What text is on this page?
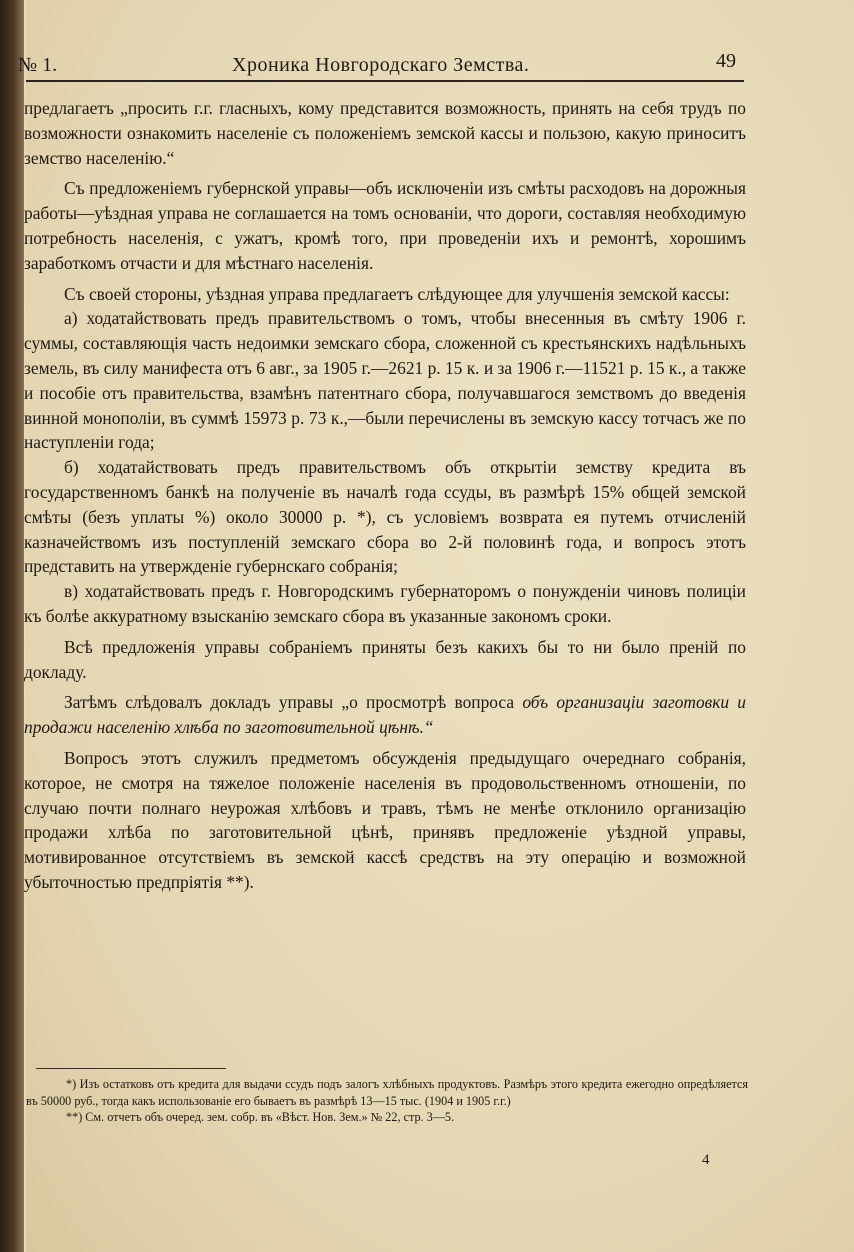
№ 1.	Хроника Новгородскаго Земства.	49

предлагаетъ „просить г.г. гласныхъ, кому представится возможность, принять на себя трудъ по возможности ознакомить населеніе съ положеніемъ земской кассы и пользою, какую приноситъ земство населенію.“

Съ предложеніемъ губернской управы—объ исключеніи изъ смѣты расходовъ на дорожныя работы—уѣздная управа не соглашается на томъ основаніи, что дороги, составляя необходимую потребность населенія, с ужатъ, кромѣ того, при проведеніи ихъ и ремонтѣ, хорошимъ заработкомъ отчасти и для мѣстнаго населенія.

Съ своей стороны, уѣздная управа предлагаетъ слѣдующее для улучшенія земской кассы:

а) ходатайствовать предъ правительствомъ о томъ, чтобы внесенныя въ смѣту 1906 г. суммы, составляющія часть недоимки земскаго сбора, сложенной съ крестьянскихъ надѣльныхъ земель, въ силу манифеста отъ 6 авг., за 1905 г.—2621 р. 15 к. и за 1906 г.—11521 р. 15 к., а также и пособіе отъ правительства, взамѣнъ патентнаго сбора, получавшагося земствомъ до введенія винной монополіи, въ суммѣ 15973 р. 73 к.,—были перечислены въ земскую кассу тотчасъ же по наступленіи года;

б) ходатайствовать предъ правительствомъ объ открытіи земству кредита въ государственномъ банкѣ на полученіе въ началѣ года ссуды, въ размѣрѣ 15% общей земской смѣты (безъ уплаты %) около 30000 р. *), съ условіемъ возврата ея путемъ отчисленій казначействомъ изъ поступленій земскаго сбора во 2-й половинѣ года, и вопросъ этотъ представить на утвержденіе губернскаго собранія;

в) ходатайствовать предъ г. Новгородскимъ губернаторомъ о понужденіи чиновъ полиціи къ болѣе аккуратному взысканію земскаго сбора въ указанные закономъ сроки.

Всѣ предложенія управы собраніемъ приняты безъ какихъ бы то ни было преній по докладу.

Затѣмъ слѣдовалъ докладъ управы „о просмотрѣ вопроса объ организаціи заготовки и продажи населенію хлѣба по заготовительной цѣнѣ.“

Вопросъ этотъ служилъ предметомъ обсужденія предыдущаго очереднаго собранія, которое, не смотря на тяжелое положеніе населенія въ продовольственномъ отношеніи, по случаю почти полнаго неурожая хлѣбовъ и травъ, тѣмъ не менѣе отклонило организацію продажи хлѣба по заготовительной цѣнѣ, принявъ предложеніе уѣздной управы, мотивированное отсутствіемъ въ земской кассѣ средствъ на эту операцію и возможной убыточностью предпріятія **).

*) Изъ остатковъ отъ кредита для выдачи ссудъ подъ залогъ хлѣбныхъ продуктовъ. Размѣръ этого кредита ежегодно опредѣляется въ 50000 руб., тогда какъ использованіе его бываетъ въ размѣрѣ 13—15 тыс. (1904 и 1905 г.г.)

**) См. отчетъ объ очеред. зем. собр. въ «Вѣст. Нов. Зем.» № 22, стр. 3—5.

4
